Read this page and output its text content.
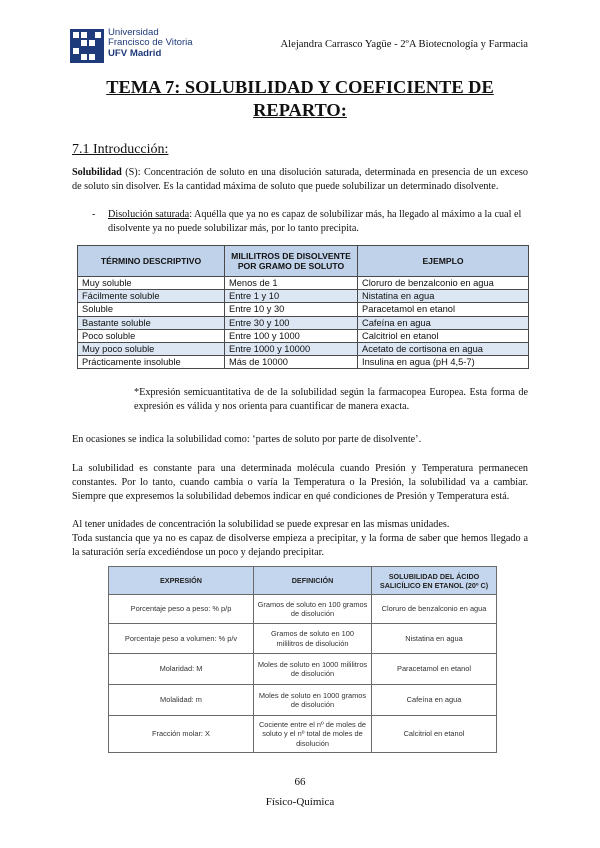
Universidad
Francisco de Vitoria
UFV Madrid
Alejandra Carrasco Yagüe - 2ºA Biotecnología y Farmacia
TEMA 7: SOLUBILIDAD Y COEFICIENTE DE
REPARTO:
7.1 Introducción:
Solubilidad (S): Concentración de soluto en una disolución saturada, determinada en presencia de un exceso de soluto sin disolver. Es la cantidad máxima de soluto que puede solubilizar un determinado disolvente.
- Disolución saturada: Aquélla que ya no es capaz de solubilizar más, ha llegado al máximo a la cual el disolvente ya no puede solubilizar más, por lo tanto precipita.
TÉRMINO DESCRIPTIVO	MILILITROS DE DISOLVENTE POR GRAMO DE SOLUTO	EJEMPLO
Muy soluble	Menos de 1	Cloruro de benzalconio en agua
Fácilmente soluble	Entre 1 y 10	Nistatina en agua
Soluble	Entre 10 y 30	Paracetamol en etanol
Bastante soluble	Entre 30 y 100	Cafeína en agua
Poco soluble	Entre 100 y 1000	Calcitriol en etanol
Muy poco soluble	Entre 1000 y 10000	Acetato de cortisona en agua
Prácticamente insoluble	Más de 10000	Insulina en agua (pH 4,5-7)
*Expresión semicuantitativa de de la solubilidad según la farmacopea Europea. Esta forma de expresión es válida y nos orienta para cuantificar de manera exacta.
En ocasiones se indica la solubilidad como: ‘partes de soluto por parte de disolvente’.
La solubilidad es constante para una determinada molécula cuando Presión y Temperatura permanecen constantes. Por lo tanto, cuando cambia o varía la Temperatura o la Presión, la solubilidad va a cambiar. Siempre que expresemos la solubilidad debemos indicar en qué condiciones de Presión y Temperatura está.
Al tener unidades de concentración la solubilidad se puede expresar en las mismas unidades.
Toda sustancia que ya no es capaz de disolverse empieza a precipitar, y la forma de saber que hemos llegado a la saturación sería excediéndose un poco y dejando precipitar.
EXPRESIÓN	DEFINICIÓN	SOLUBILIDAD DEL ÁCIDO SALICÍLICO EN ETANOL (20º C)
Porcentaje peso a peso: % p/p	Gramos de soluto en 100 gramos de disolución	Cloruro de benzalconio en agua
Porcentaje peso a volumen: % p/v	Gramos de soluto en 100 mililitros de disolución	Nistatina en agua
Molaridad: M	Moles de soluto en 1000 mililitros de disolución	Paracetamol en etanol
Molalidad: m	Moles de soluto en 1000 gramos de disolución	Cafeína en agua
Fracción molar: X	Cociente entre el nº de moles de soluto y el nº total de moles de disolución	Calcitriol en etanol
66
Físico-Química
